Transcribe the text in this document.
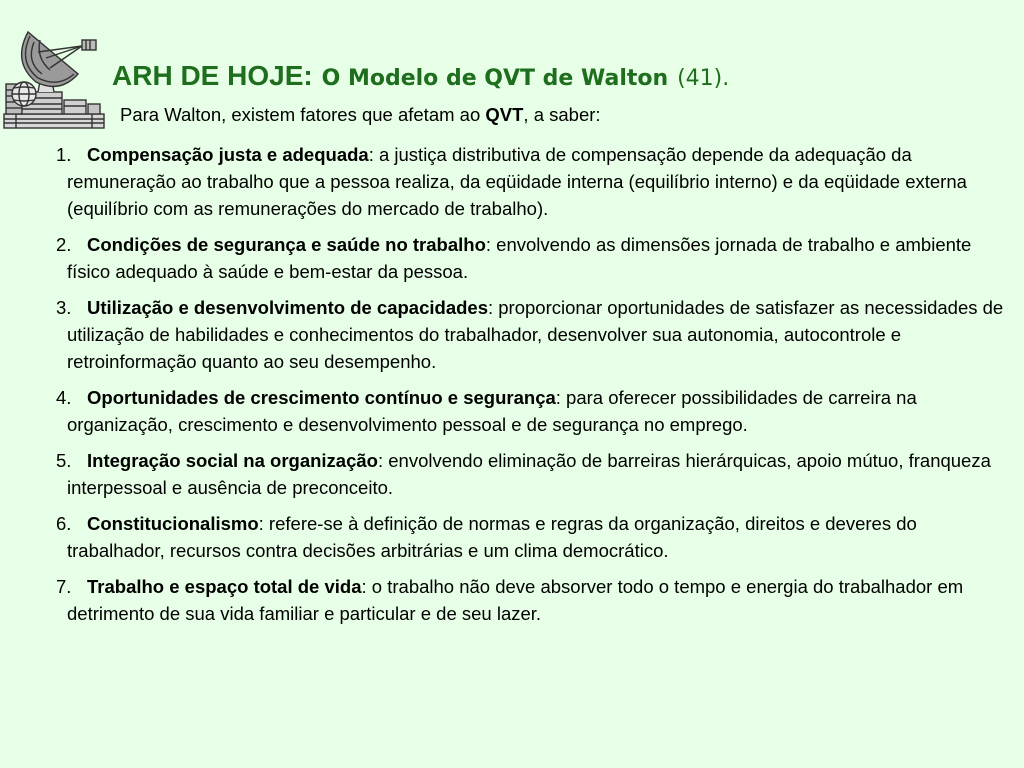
ARH DE HOJE: O Modelo de QVT de Walton (41).
Para Walton, existem fatores que afetam ao QVT, a saber:
1. Compensação justa e adequada: a justiça distributiva de compensação depende da adequação da remuneração ao trabalho que a pessoa realiza, da eqüidade interna (equilíbrio interno) e da eqüidade externa (equilíbrio com as remunerações do mercado de trabalho).
2. Condições de segurança e saúde no trabalho: envolvendo as dimensões jornada de trabalho e ambiente físico adequado à saúde e bem-estar da pessoa.
3. Utilização e desenvolvimento de capacidades: proporcionar oportunidades de satisfazer as necessidades de utilização de habilidades e conhecimentos do trabalhador, desenvolver sua autonomia, autocontrole e retroinformação quanto ao seu desempenho.
4. Oportunidades de crescimento contínuo e segurança: para oferecer possibilidades de carreira na organização, crescimento e desenvolvimento pessoal e de segurança no emprego.
5. Integração social na organização: envolvendo eliminação de barreiras hierárquicas, apoio mútuo, franqueza interpessoal e ausência de preconceito.
6. Constitucionalismo: refere-se à definição de normas e regras da organização, direitos e deveres do trabalhador, recursos contra decisões arbitrárias e um clima democrático.
7. Trabalho e espaço total de vida: o trabalho não deve absorver todo o tempo e energia do trabalhador em detrimento de sua vida familiar e particular e de seu lazer.
